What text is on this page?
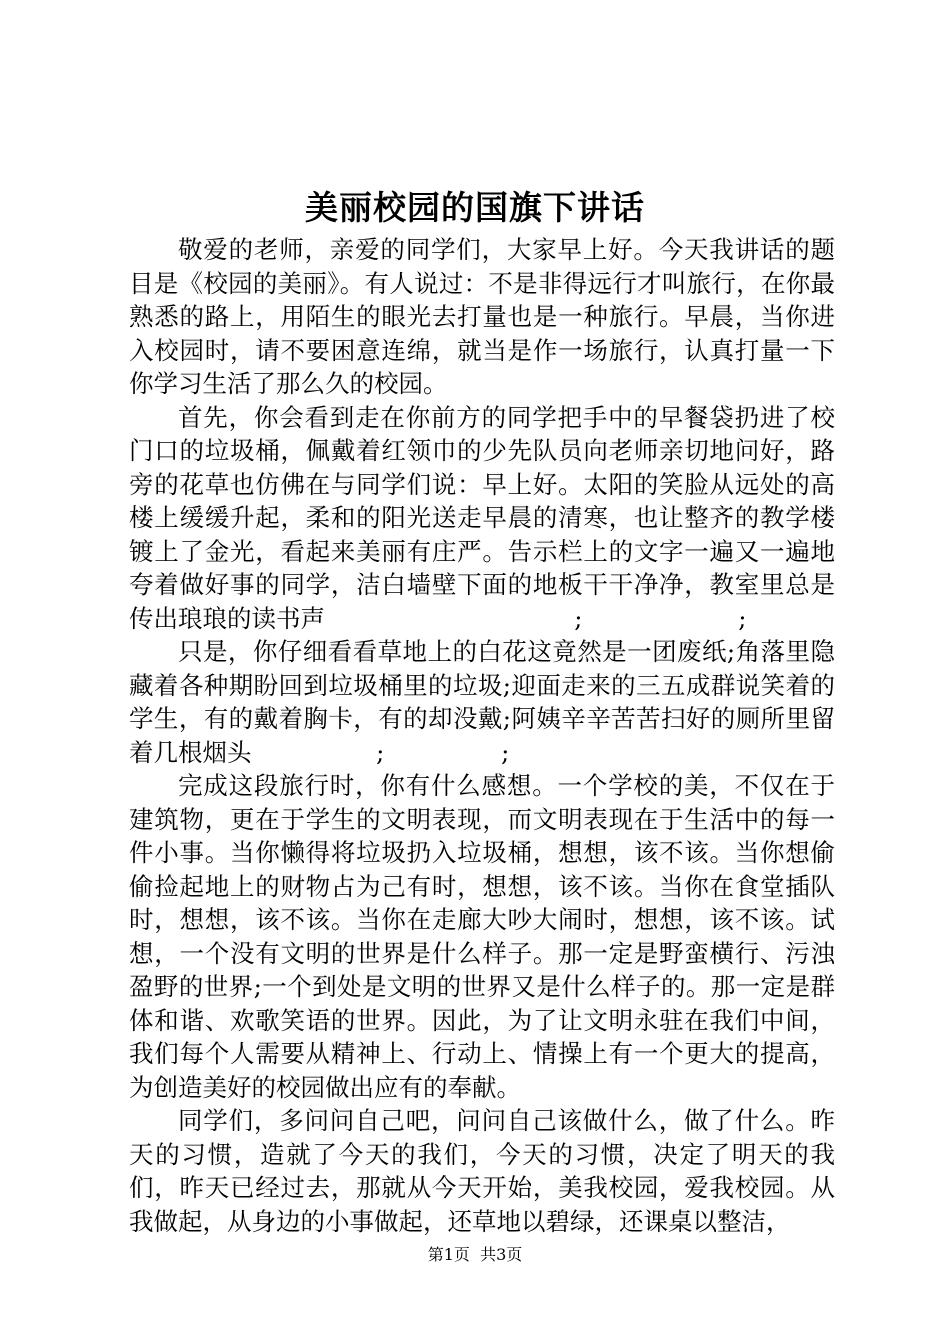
美丽校园的国旗下讲话

敬爱的老师，亲爱的同学们，大家早上好。今天我讲话的题目是《校园的美丽》。有人说过：不是非得远行才叫旅行，在你最熟悉的路上，用陌生的眼光去打量也是一种旅行。早晨，当你进入校园时，请不要困意连绵，就当是作一场旅行，认真打量一下你学习生活了那么久的校园。

首先，你会看到走在你前方的同学把手中的早餐袋扔进了校门口的垃圾桶，佩戴着红领巾的少先队员向老师亲切地问好，路旁的花草也仿佛在与同学们说：早上好。太阳的笑脸从远处的高楼上缓缓升起，柔和的阳光送走早晨的清寒，也让整齐的教学楼镀上了金光，看起来美丽有庄严。告示栏上的文字一遍又一遍地夸着做好事的同学，洁白墙壁下面的地板干干净净，教室里总是传出琅琅的读书声                                ;                    ;

只是，你仔细看看草地上的白花这竟然是一团废纸;角落里隐藏着各种期盼回到垃圾桶里的垃圾;迎面走来的三五成群说笑着的学生，有的戴着胸卡，有的却没戴;阿姨辛辛苦苦扫好的厕所里留着几根烟头                ;               ;

完成这段旅行时，你有什么感想。一个学校的美，不仅在于建筑物，更在于学生的文明表现，而文明表现在于生活中的每一件小事。当你懒得将垃圾扔入垃圾桶，想想，该不该。当你想偷偷捡起地上的财物占为己有时，想想，该不该。当你在食堂插队时，想想，该不该。当你在走廊大吵大闹时，想想，该不该。试想，一个没有文明的世界是什么样子。那一定是野蛮横行、污浊盈野的世界;一个到处是文明的世界又是什么样子的。那一定是群体和谐、欢歌笑语的世界。因此，为了让文明永驻在我们中间，我们每个人需要从精神上、行动上、情操上有一个更大的提高，为创造美好的校园做出应有的奉献。

同学们，多问问自己吧，问问自己该做什么，做了什么。昨天的习惯，造就了今天的我们，今天的习惯，决定了明天的我们，昨天已经过去，那就从今天开始，美我校园，爱我校园。从我做起，从身边的小事做起，还草地以碧绿，还课桌以整洁，

第1页  共3页
